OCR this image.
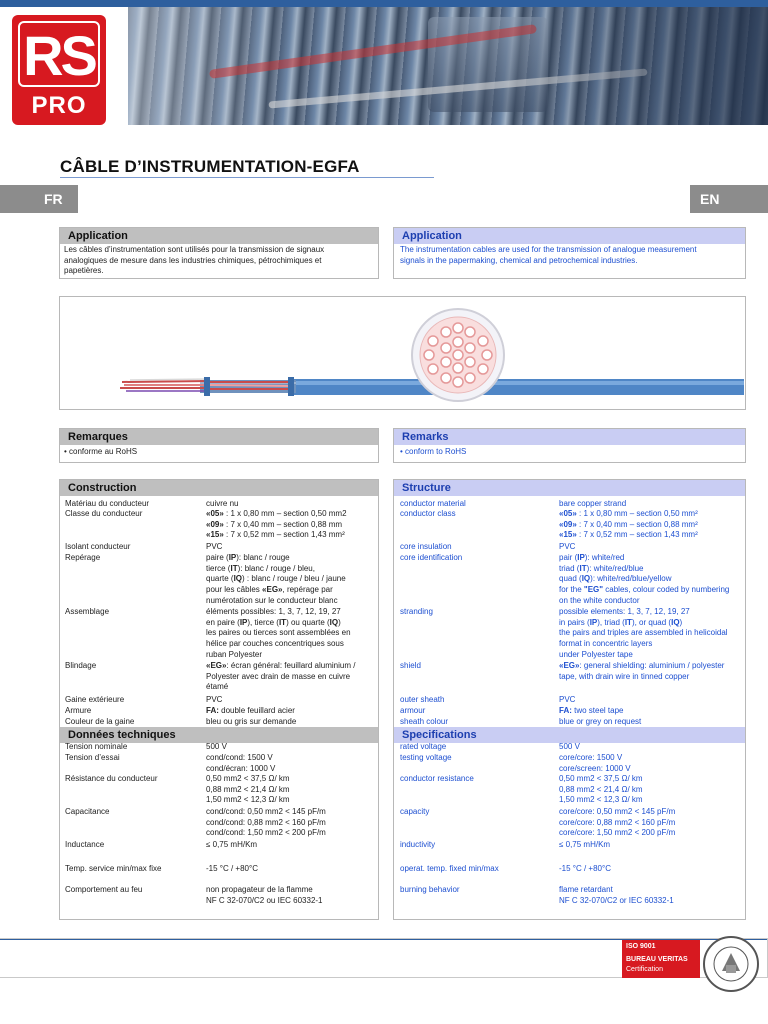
RS
PRO
CÂBLE D’INSTRUMENTATION-EGFA
FR	EN
Application
Les câbles d’instrumentation sont utilisés pour la transmission de signaux
analogiques de mesure dans les industries chimiques, pétrochimiques et
papetières.
Application
The instrumentation cables are used for the transmission of analogue measurement
signals in the papermaking, chemical and petrochemical industries.
Remarques
• conforme au RoHS
Remarks
• conform to RoHS
Construction
Données techniques
Structure
Specifications
Matériau du conducteur	cuivre nu	conductor material	bare copper strand
Classe du conducteur	«05» : 1 x 0,80 mm – section 0,50 mm2
«09» : 7 x 0,40 mm – section 0,88 mm
«15» : 7 x 0,52 mm – section 1,43 mm²
conductor class	«05» : 1 x 0,80 mm – section 0,50 mm²
«09» : 7 x 0,40 mm – section 0,88 mm²
«15» : 7 x 0,52 mm – section 1,43 mm²
Isolant conducteur	PVC	core insulation	PVC
Repérage	paire (IP): blanc / rouge
tierce (IT): blanc / rouge / bleu,
quarte (IQ) : blanc / rouge / bleu / jaune
pour les câbles «EG», repérage par
numérotation sur le conducteur blanc
core identification	pair (IP): white/red
triad (IT): white/red/blue
quad (IQ): white/red/blue/yellow
for the "EG" cables, colour coded by numbering
on the white conductor
Assemblage	éléments possibles: 1, 3, 7, 12, 19, 27
en paire (IP), tierce (IT) ou quarte (IQ)
les paires ou tierces sont assemblées en
hélice par couches concentriques sous
ruban Polyester
stranding	possible elements: 1, 3, 7, 12, 19, 27
in pairs (IP), triad (IT), or quad (IQ)
the pairs and triples are assembled in helicoidal
format in concentric layers
under Polyester tape
Blindage	«EG»: écran général: feuillard aluminium /
Polyester avec drain de masse en cuivre
étamé
shield	«EG»: general shielding: aluminium / polyester
tape, with drain wire in tinned copper
Gaine extérieure	PVC	outer sheath	PVC
Armure	FA: double feuillard acier	armour	FA: two steel tape
Couleur de la gaine	bleu ou gris sur demande	sheath colour	blue or grey on request
Tension nominale	500 V	rated voltage	500 V
Tension d’essai	cond/cond: 1500 V
cond/écran: 1000 V
testing voltage	core/core: 1500 V
core/screen: 1000 V
Résistance du conducteur	0,50 mm2 < 37,5 Ω/ km
0,88 mm2 < 21,4 Ω/ km
1,50 mm2 < 12,3 Ω/ km
conductor resistance	0,50 mm2 < 37,5 Ω/ km
0,88 mm2 < 21,4 Ω/ km
1,50 mm2 < 12,3 Ω/ km
Capacitance	cond/cond: 0,50 mm2 < 145 pF/m
cond/cond: 0,88 mm2 < 160 pF/m
cond/cond: 1,50 mm2 < 200 pF/m
capacity	core/core: 0,50 mm2 < 145 pF/m
core/core: 0,88 mm2 < 160 pF/m
core/core: 1,50 mm2 < 200 pF/m
Inductance	≤ 0,75 mH/Km	inductivity	≤ 0,75 mH/Km
Temp. service min/max fixe	-15 °C / +80°C	operat. temp. fixed min/max	-15 °C / +80°C
Comportement au feu	non propagateur de la flamme
NF C 32-070/C2 ou IEC 60332-1
burning behavior	flame retardant
NF C 32-070/C2 or IEC 60332-1
ISO 9001
BUREAU VERITAS
Certification
